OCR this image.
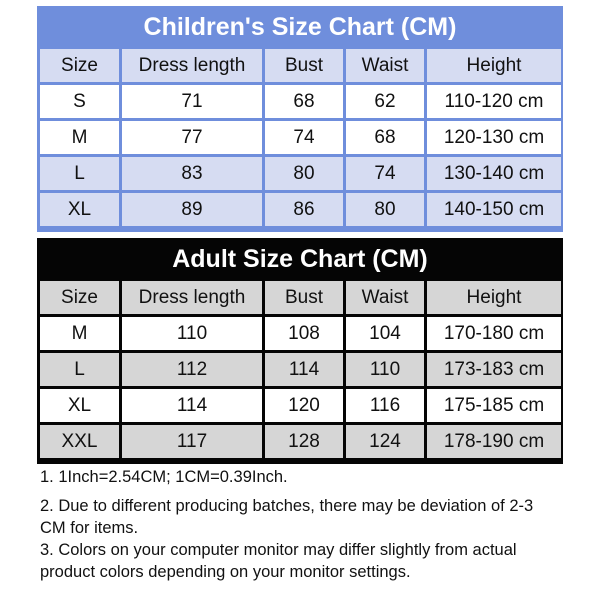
Children's Size Chart (CM)
Size	Dress length	Bust	Waist	Height
S	71	68	62	110-120 cm
M	77	74	68	120-130 cm
L	83	80	74	130-140 cm
XL	89	86	80	140-150 cm
Adult Size Chart (CM)
Size	Dress length	Bust	Waist	Height
M	110	108	104	170-180 cm
L	112	114	110	173-183 cm
XL	114	120	116	175-185 cm
XXL	117	128	124	178-190 cm

1. 1Inch=2.54CM; 1CM=0.39Inch.

2. Due to different producing batches, there may be deviation of 2-3 CM for items.

3. Colors on your computer monitor may differ slightly from actual product colors depending on your monitor settings.
